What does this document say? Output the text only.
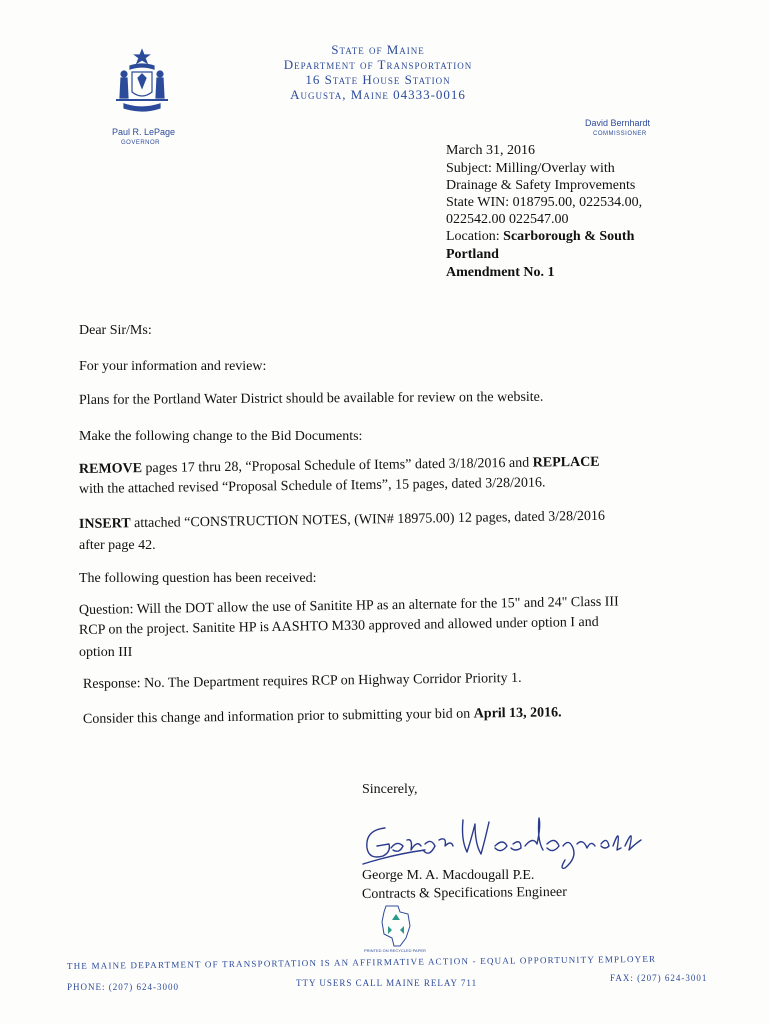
State of Maine
Department of Transportation
16 State House Station
Augusta, Maine 04333-0016
Paul R. LePage
GOVERNOR
David Bernhardt
COMMISSIONER
March 31, 2016
Subject: Milling/Overlay with
Drainage & Safety Improvements
State WIN: 018795.00, 022534.00,
022542.00 022547.00
Location: Scarborough & South
Portland
Amendment No. 1
Dear Sir/Ms:
For your information and review:
Plans for the Portland Water District should be available for review on the website.
Make the following change to the Bid Documents:
REMOVE pages 17 thru 28, “Proposal Schedule of Items” dated 3/18/2016 and REPLACE
with the attached revised “Proposal Schedule of Items”, 15 pages, dated 3/28/2016.
INSERT attached “CONSTRUCTION NOTES, (WIN# 18975.00) 12 pages, dated 3/28/2016
after page 42.
The following question has been received:
Question: Will the DOT allow the use of Sanitite HP as an alternate for the 15" and 24" Class III
RCP on the project. Sanitite HP is AASHTO M330 approved and allowed under option I and
option III
Response: No. The Department requires RCP on Highway Corridor Priority 1.
Consider this change and information prior to submitting your bid on April 13, 2016.
Sincerely,
George M. A. Macdougall P.E.
Contracts & Specifications Engineer
PRINTED ON RECYCLED PAPER
THE MAINE DEPARTMENT OF TRANSPORTATION IS AN AFFIRMATIVE ACTION - EQUAL OPPORTUNITY EMPLOYER
PHONE: (207) 624-3000	TTY USERS CALL MAINE RELAY 711	FAX: (207) 624-3001
